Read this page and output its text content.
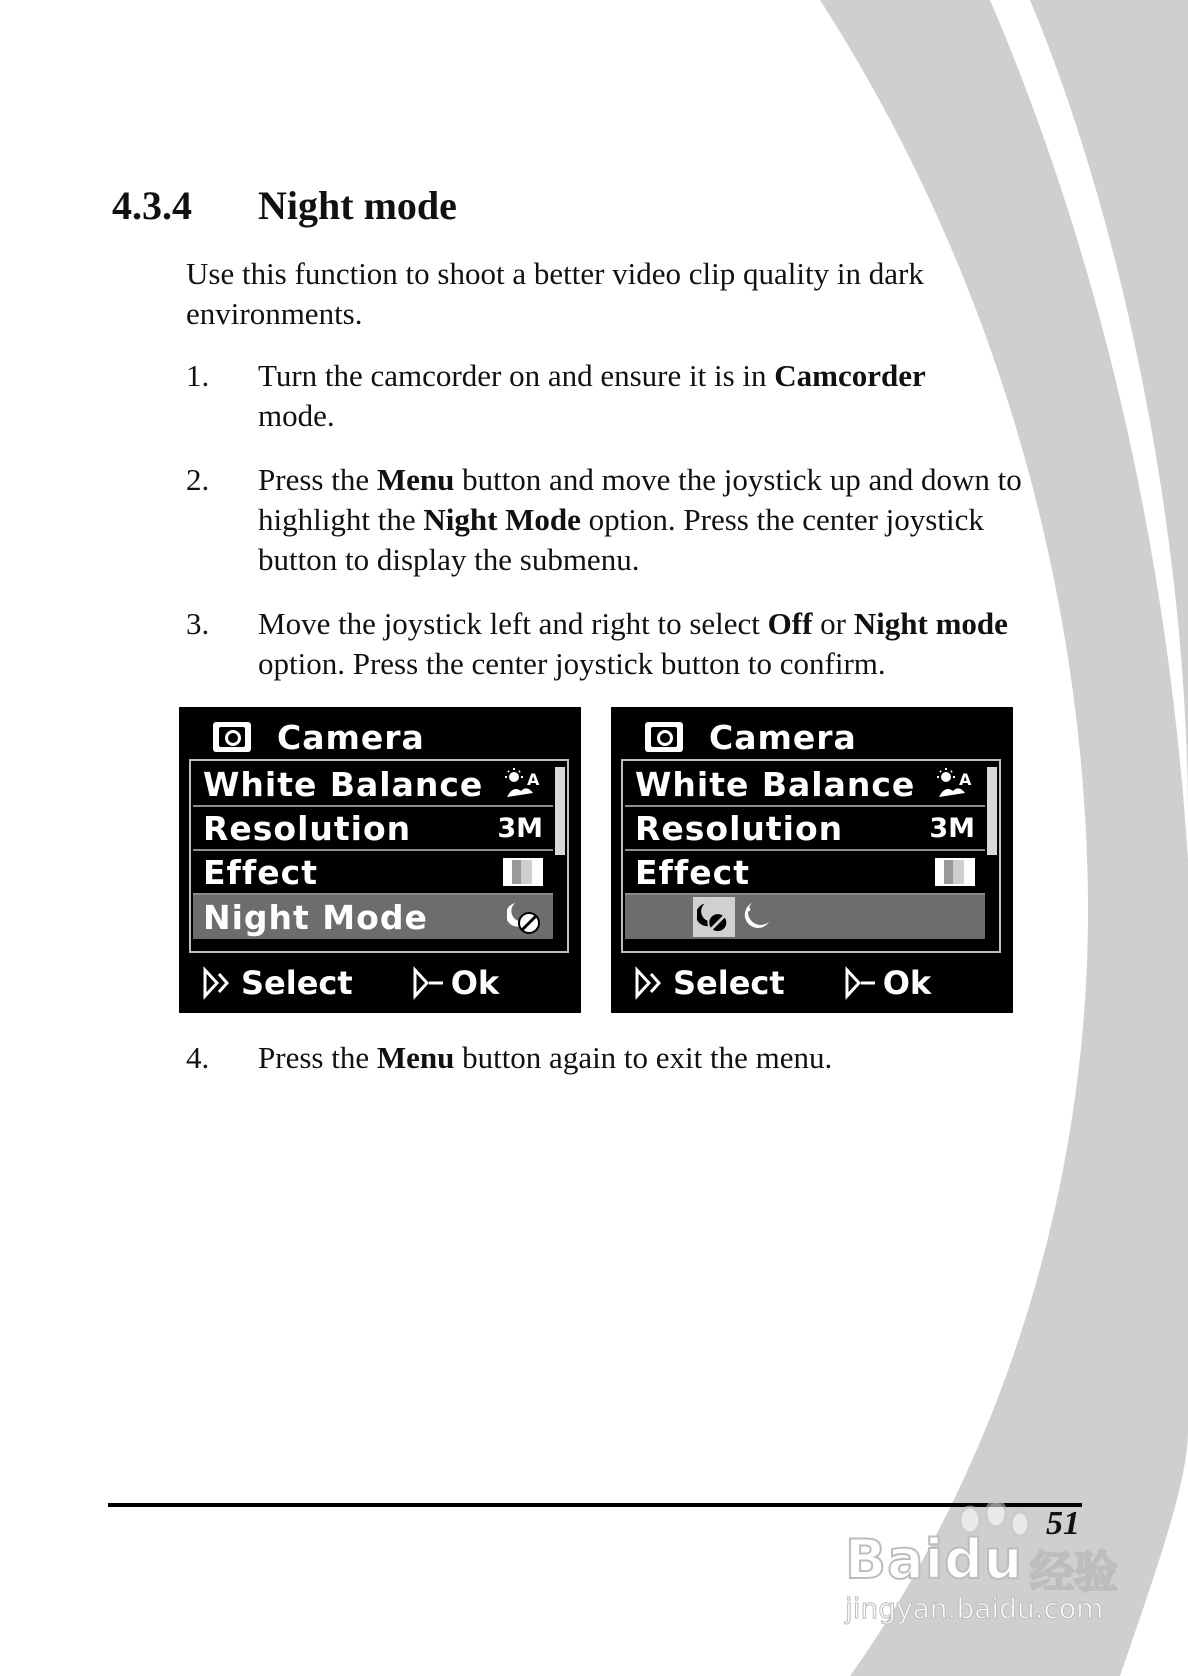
4.3.4 Night mode
Use this function to shoot a better video clip quality in dark environments.
1.	Turn the camcorder on and ensure it is in Camcorder
mode.
2.	Press the Menu button and move the joystick up and down to highlight the Night Mode option. Press the center joystick button to display the submenu.
3.	Move the joystick left and right to select Off or Night mode option. Press the center joystick button to confirm.
Camera
White Balance	A
Resolution	3M
Effect
Night Mode
Select	Ok
Camera
White Balance	A
Resolution	3M
Effect
Select	Ok
4.	Press the Menu button again to exit the menu.
Baidu 经验
jingyan.baidu.com
51
